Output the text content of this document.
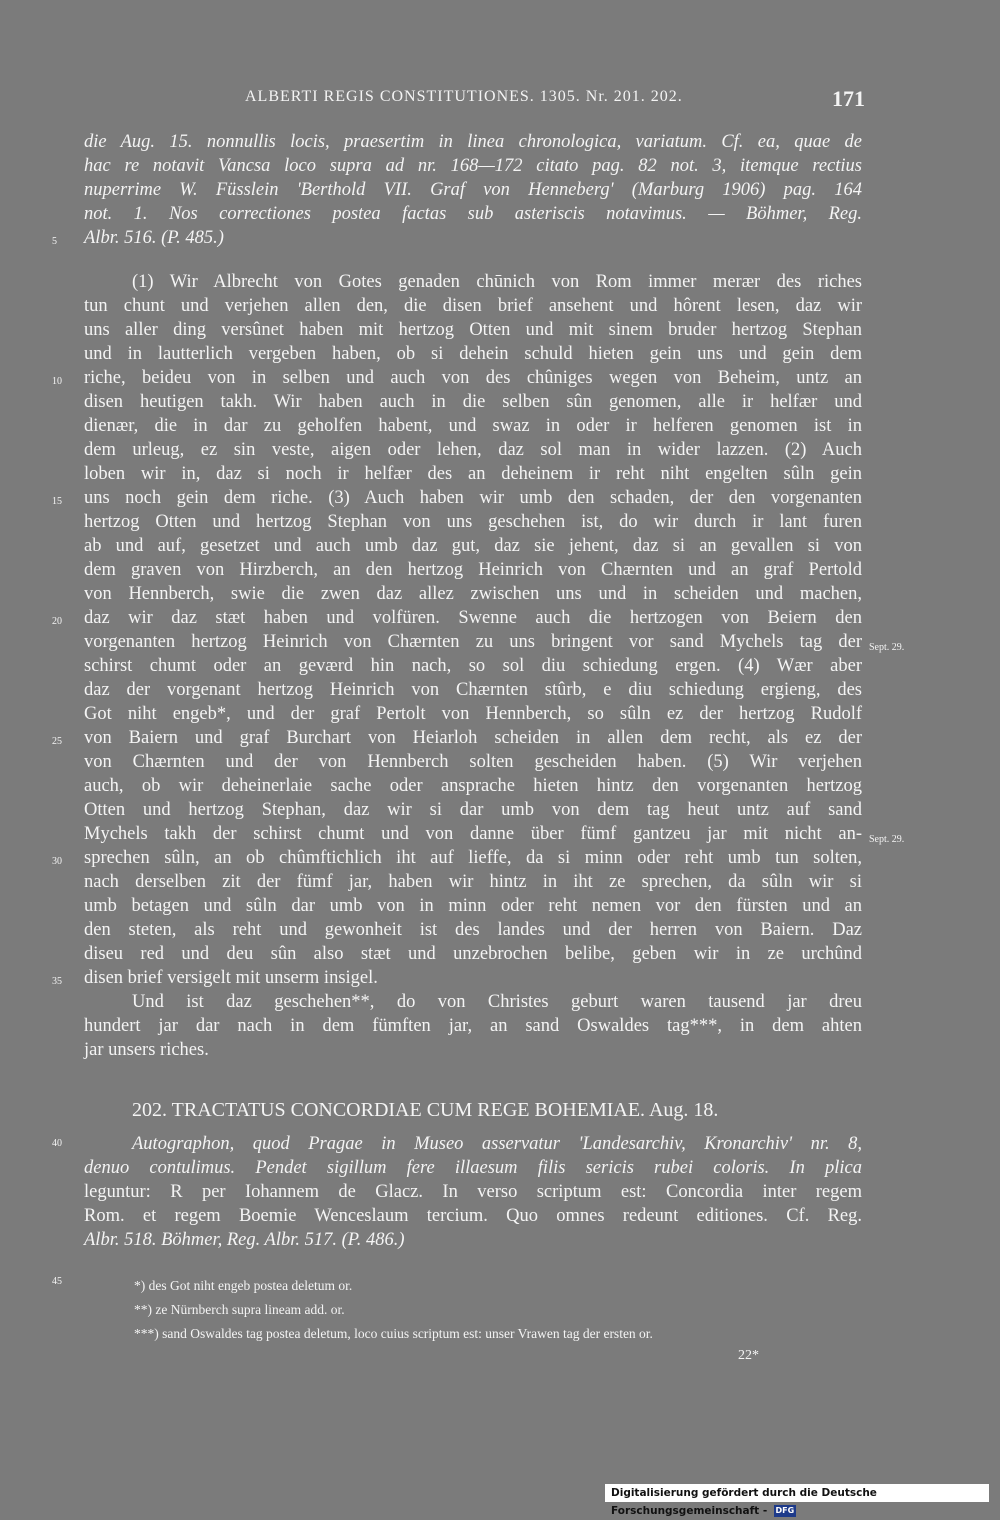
ALBERTI REGIS CONSTITUTIONES. 1305. Nr. 201. 202.	171
die Aug. 15. nonnullis locis, praesertim in linea chronologica, variatum. Cf. ea, quae de
hac re notavit Vancsa loco supra ad nr. 168—172 citato pag. 82 not. 3, itemque rectius
nuperrime W. Füsslein 'Berthold VII. Graf von Henneberg' (Marburg 1906) pag. 164
not. 1. Nos correctiones postea factas sub asteriscis notavimus. — Böhmer, Reg.
Albr. 516. (P. 485.)
(1) Wir Albrecht von Gotes genaden chūnich von Rom immer merær des riches
tun chunt und verjehen allen den, die disen brief ansehent und hôrent lesen, daz wir
uns aller ding versûnet haben mit hertzog Otten und mit sinem bruder hertzog Stephan
und in lautterlich vergeben haben, ob si dehein schuld hieten gein uns und gein dem
riche, beideu von in selben und auch von des chûniges wegen von Beheim, untz an
disen heutigen takh. Wir haben auch in die selben sûn genomen, alle ir helfær und
dienær, die in dar zu geholfen habent, und swaz in oder ir helferen genomen ist in
dem urleug, ez sin veste, aigen oder lehen, daz sol man in wider lazzen. (2) Auch
loben wir in, daz si noch ir helfær des an deheinem ir reht niht engelten sûln gein
uns noch gein dem riche. (3) Auch haben wir umb den schaden, der den vorgenanten
hertzog Otten und hertzog Stephan von uns geschehen ist, do wir durch ir lant furen
ab und auf, gesetzet und auch umb daz gut, daz sie jehent, daz si an gevallen si von
dem graven von Hirzberch, an den hertzog Heinrich von Chærnten und an graf Pertold
von Hennberch, swie die zwen daz allez zwischen uns und in scheiden und machen,
daz wir daz stæt haben und volfüren. Swenne auch die hertzogen von Beiern den
vorgenanten hertzog Heinrich von Chærnten zu uns bringent vor sand Mychels tag der
schirst chumt oder an geværd hin nach, so sol diu schiedung ergen. (4) Wær aber
daz der vorgenant hertzog Heinrich von Chærnten stûrb, e diu schiedung ergieng, des
Got niht engeb*, und der graf Pertolt von Hennberch, so sûln ez der hertzog Rudolf
von Baiern und graf Burchart von Heiarloh scheiden in allen dem recht, als ez der
von Chærnten und der von Hennberch solten gescheiden haben. (5) Wir verjehen
auch, ob wir deheinerlaie sache oder ansprache hieten hintz den vorgenanten hertzog
Otten und hertzog Stephan, daz wir si dar umb von dem tag heut untz auf sand
Mychels takh der schirst chumt und von danne über fümf gantzeu jar mit nicht an-
sprechen sûln, an ob chûmftichlich iht auf lieffe, da si minn oder reht umb tun solten,
nach derselben zit der fümf jar, haben wir hintz in iht ze sprechen, da sûln wir si
umb betagen und sûln dar umb von in minn oder reht nemen vor den fürsten und an
den steten, als reht und gewonheit ist des landes und der herren von Baiern. Daz
diseu red und deu sûn also stæt und unzebrochen belibe, geben wir in ze urchûnd
disen brief versigelt mit unserm insigel.
Und ist daz geschehen**, do von Christes geburt waren tausend jar dreu
hundert jar dar nach in dem fümften jar, an sand Oswaldes tag***, in dem ahten
jar unsers riches.
Sept. 29.
Sept. 29.
5
10
15
20
25
30
35
40
45
202. TRACTATUS CONCORDIAE CUM REGE BOHEMIAE. Aug. 18.
Autographon, quod Pragae in Museo asservatur 'Landesarchiv, Kronarchiv' nr. 8,
denuo contulimus. Pendet sigillum fere illaesum filis sericis rubei coloris. In plica
leguntur: R per Iohannem de Glacz. In verso scriptum est: Concordia inter regem
Rom. et regem Boemie Wenceslaum tercium. Quo omnes redeunt editiones. Cf. Reg.
Albr. 518. Böhmer, Reg. Albr. 517. (P. 486.)
*) des Got niht engeb postea deletum or.
**) ze Nürnberch supra lineam add. or.
***) sand Oswaldes tag postea deletum, loco cuius scriptum est: unser Vrawen tag der ersten or.
22*
Digitalisierung gefördert durch die Deutsche Forschungsgemeinschaft - DFG
